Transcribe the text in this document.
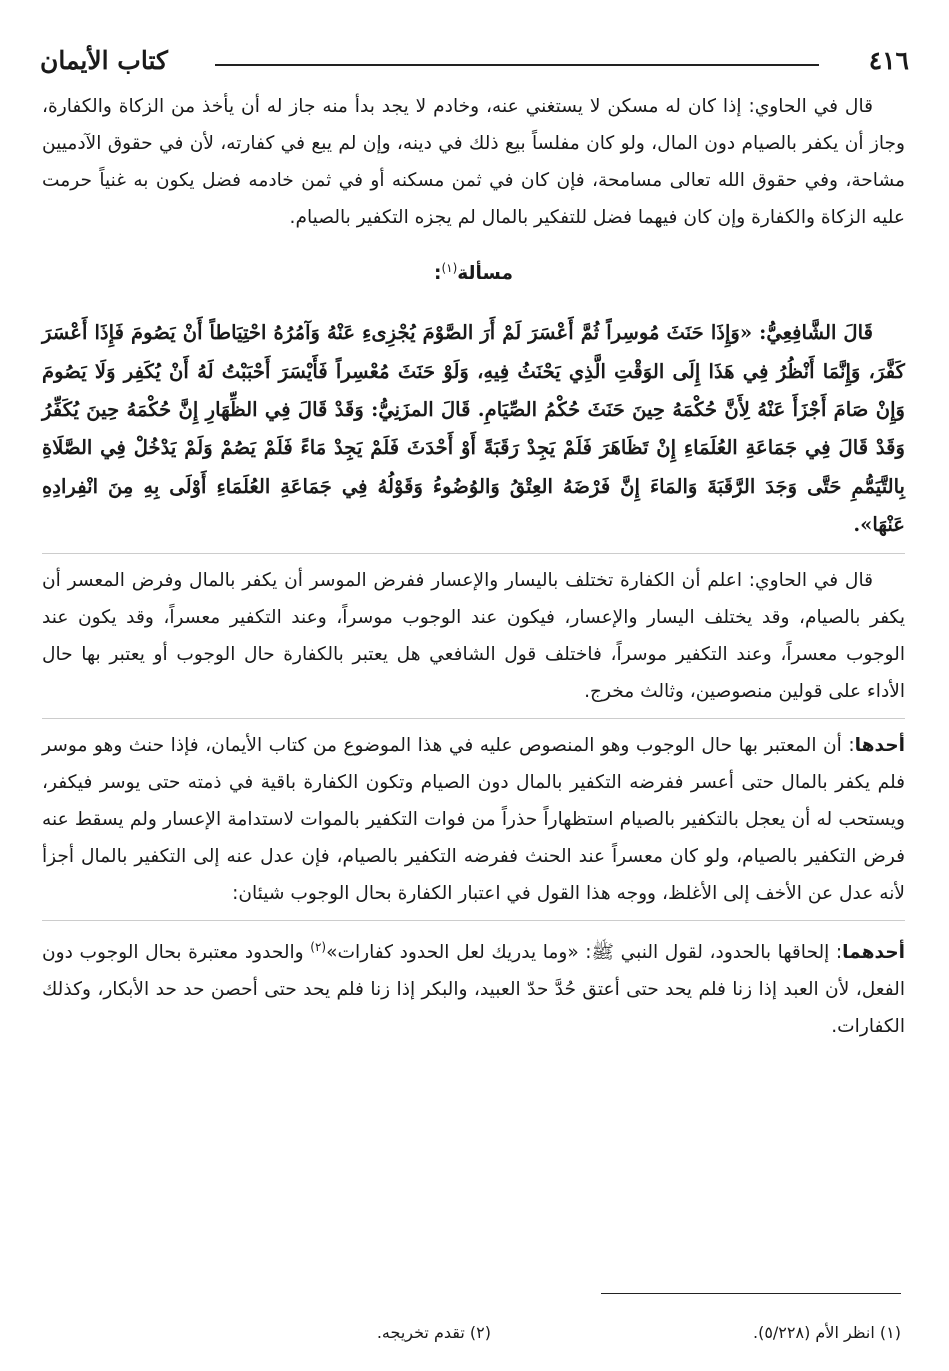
٤١٦
كتاب الأيمان

قال في الحاوي: إذا كان له مسكن لا يستغني عنه، وخادم لا يجد بدأ منه جاز له أن يأخذ من الزكاة والكفارة، وجاز أن يكفر بالصيام دون المال، ولو كان مفلساً بيع ذلك في دينه، وإن لم يبع في كفارته، لأن في حقوق الآدميين مشاحة، وفي حقوق الله تعالى مسامحة، فإن كان في ثمن مسكنه أو في ثمن خادمه فضل يكون به غنياً حرمت عليه الزكاة والكفارة وإن كان فيهما فضل للتفكير بالمال لم يجزه التكفير بالصيام.

مسألة$^{(١)}$:

قَالَ الشَّافِعِيُّ: «وَإِذَا حَنَثَ مُوسِراً ثُمَّ أَعْسَرَ لَمْ أَرَ الصَّوْمَ يُجْزِىءِ عَنْهُ وَآمُرُهُ احْتِيَاطاً أَنْ يَصُومَ فَإِذَا أَعْسَرَ كَفَّرَ، وَإِنَّمَا أَنْظُرُ فِي هَذَا إِلَى الوَقْتِ الَّذِي يَحْنَثُ فِيهِ، وَلَوْ حَنَثَ مُعْسِراً فَأَيْسَرَ أَحْبَبْتُ لَهُ أَنْ يُكَفِر وَلَا يَصُومَ وَإِنْ صَامَ أَجْزَأَ عَنْهُ لِأَنَّ حُكْمَهُ حِينَ حَنَثَ حُكْمُ الصِّيَامِ. قَالَ المزَنِيُّ: وَقَدْ قَالَ فِي الظِّهَارِ إِنَّ حُكْمَهُ حِينَ يُكَفِّرُ وَقَدْ قَالَ فِي جَمَاعَةِ العُلَمَاءِ إِنْ تَظَاهَرَ فَلَمْ يَجِدْ رَقَبَةً أَوْ أَحْدَثَ فَلَمْ يَجِدْ مَاءً فَلَمْ يَصُمْ وَلَمْ يَدْخُلْ فِي الصَّلَاةِ بِالتَّيَمُّمِ حَتَّى وَجَدَ الرَّقَبَةَ وَالمَاءَ إِنَّ فَرْضَهُ العِتْقُ وَالوُضُوءُ وَقَوْلُهُ فِي جَمَاعَةِ العُلَمَاءِ أَوْلَى بِهِ مِنَ انْفِرادِهِ عَنْهَا».

قال في الحاوي: اعلم أن الكفارة تختلف باليسار والإعسار ففرض الموسر أن يكفر بالمال وفرض المعسر أن يكفر بالصيام، وقد يختلف اليسار والإعسار، فيكون عند الوجوب موسراً، وعند التكفير معسراً، وقد يكون عند الوجوب معسراً، وعند التكفير موسراً، فاختلف قول الشافعي هل يعتبر بالكفارة حال الوجوب أو يعتبر بها حال الأداء على قولين منصوصين، وثالث مخرج.

أحدها: أن المعتبر بها حال الوجوب وهو المنصوص عليه في هذا الموضوع من كتاب الأيمان، فإذا حنث وهو موسر فلم يكفر بالمال حتى أعسر ففرضه التكفير بالمال دون الصيام وتكون الكفارة باقية في ذمته حتى يوسر فيكفر، ويستحب له أن يعجل بالتكفير بالصيام استظهاراً حذراً من فوات التكفير بالموات لاستدامة الإعسار ولم يسقط عنه فرض التكفير بالصيام، ولو كان معسراً عند الحنث ففرضه التكفير بالصيام، فإن عدل عنه إلى التكفير بالمال أجزأ لأنه عدل عن الأخف إلى الأغلظ، ووجه هذا القول في اعتبار الكفارة بحال الوجوب شيئان:

أحدهما: إلحاقها بالحدود، لقول النبي ﷺ: «وما يدريك لعل الحدود كفارات»$^{(٢)}$ والحدود معتبرة بحال الوجوب دون الفعل، لأن العبد إذا زنا فلم يحد حتى أعتق حُدَّ حدّ العبيد، والبكر إذا زنا فلم يحد حتى أحصن حد حد الأبكار، وكذلك الكفارات.

(١) انظر الأم (٥/٢٢٨).
(٢) تقدم تخريجه.
